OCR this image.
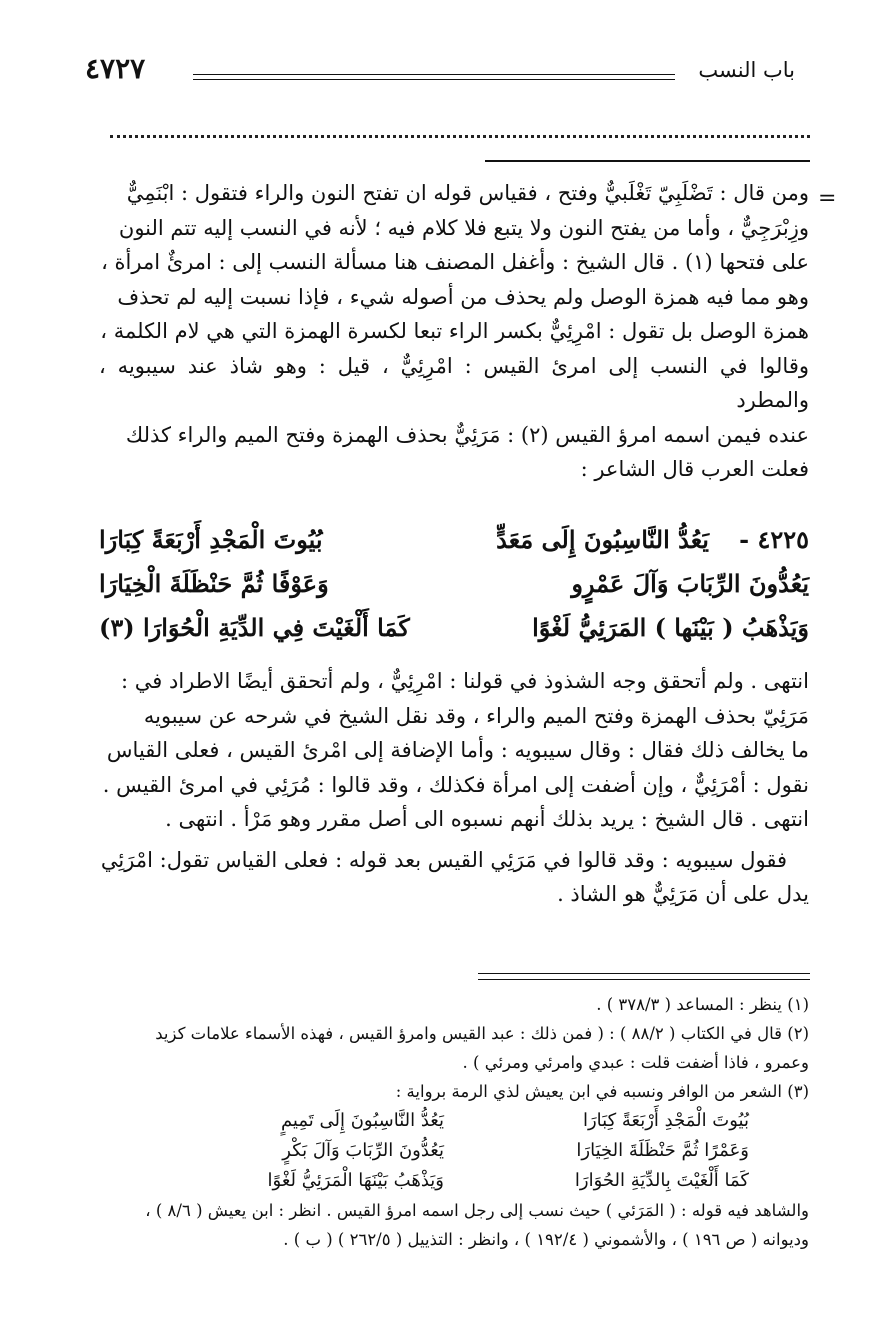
باب النسب
٤٧٢٧
=

ومن قال : تَضْلَبِيّ تَغْلَبيٌّ وفتح ، فقياس قوله ان تفتح النون والراء فتقول : ابْنَمِيٌّ

وزِبْرَجِيٌّ ، وأما من يفتح النون ولا يتبع فلا كلام فيه ؛ لأنه في النسب إليه تتم النون

على فتحها (١) . قال الشيخ : وأغفل المصنف هنا مسألة النسب إلى : امرئٌ امرأة ،

وهو مما فيه همزة الوصل ولم يحذف من أصوله شيء ، فإذا نسبت إليه لم تحذف

همزة الوصل بل تقول : امْرِئِيٌّ بكسر الراء تبعا لكسرة الهمزة التي هي لام الكلمة ،

وقالوا في النسب إلى امرئ القيس : امْرِئِيٌّ ، قيل : وهو شاذ عند سيبويه ، والمطرد

عنده فيمن اسمه امرؤ القيس (٢) : مَرَئِيٌّ بحذف الهمزة وفتح الميم والراء كذلك

فعلت العرب قال الشاعر :

٤٢٢٥ -
يَعُدُّ النَّاسِبُونَ إِلَى مَعَدٍّ
بُيُوتَ الْمَجْدِ أَرْبَعَةً كِبَارَا
يَعُدُّونَ الرِّبَابَ وَآلَ عَمْرٍو
وَعَوْفًا ثُمَّ حَنْظَلَةَ الْخِيَارَا
وَيَذْهَبُ ( بَيْنَها ) المَرَئِيُّ لَغْوًا
كَمَا أَلْغَيْتَ فِي الدِّيَةِ الْحُوَارَا (٣)

انتهى . ولم أتحقق وجه الشذوذ في قولنا : امْرِئِيٌّ ، ولم أتحقق أيضًا الاطراد في :

مَرَئِيّ بحذف الهمزة وفتح الميم والراء ، وقد نقل الشيخ في شرحه عن سيبويه

ما يخالف ذلك فقال : وقال سيبويه : وأما الإضافة إلى امْرئ القيس ، فعلى القياس

نقول : أمْرَئِيٌّ ، وإن أضفت إلى امرأة فكذلك ، وقد قالوا : مُرَئِي في امرئ القيس .

انتهى . قال الشيخ : يريد بذلك أنهم نسبوه الى أصل مقرر وهو مَرْأ . انتهى .

فقول سيبويه : وقد قالوا في مَرَئِي القيس بعد قوله : فعلى القياس تقول: امْرَئِي

يدل على أن مَرَئِيٌّ هو الشاذ .

(١) ينظر : المساعد ( ٣٧٨/٣ ) .

(٢) قال في الكتاب ( ٨٨/٢ ) : ( فمن ذلك : عبد القيس وامرؤ القيس ، فهذه الأسماء علامات كزيد

وعمرو ، فاذا أضفت قلت : عبدي وامرئي ومرئي ) .

(٣) الشعر من الوافر ونسبه في ابن يعيش لذي الرمة برواية :

يَعُدُّ النَّاسِبُونَ إِلَى تَمِيمٍ	بُيُوتَ الْمَجْدِ أَرْبَعَةً كِبَارَا
يَعُدُّونَ الرِّبَابَ وَآلَ بَكْرٍ	وَعَمْرًا ثُمَّ حَنْظَلَةَ الخِيَارَا
وَيَذْهَبُ بَيْنَهَا الْمَرَئِيُّ لَغْوًا	كَمَا أَلْغَيْتَ بِالدِّيَةِ الحُوَارَا

والشاهد فيه قوله : ( المَرَئي ) حيث نسب إلى رجل اسمه امرؤ القيس . انظر : ابن يعيش ( ٨/٦ ) ،

وديوانه ( ص ١٩٦ ) ، والأشموني ( ١٩٢/٤ ) ، وانظر : التذييل ( ٢٦٢/٥ ) ( ب ) .
